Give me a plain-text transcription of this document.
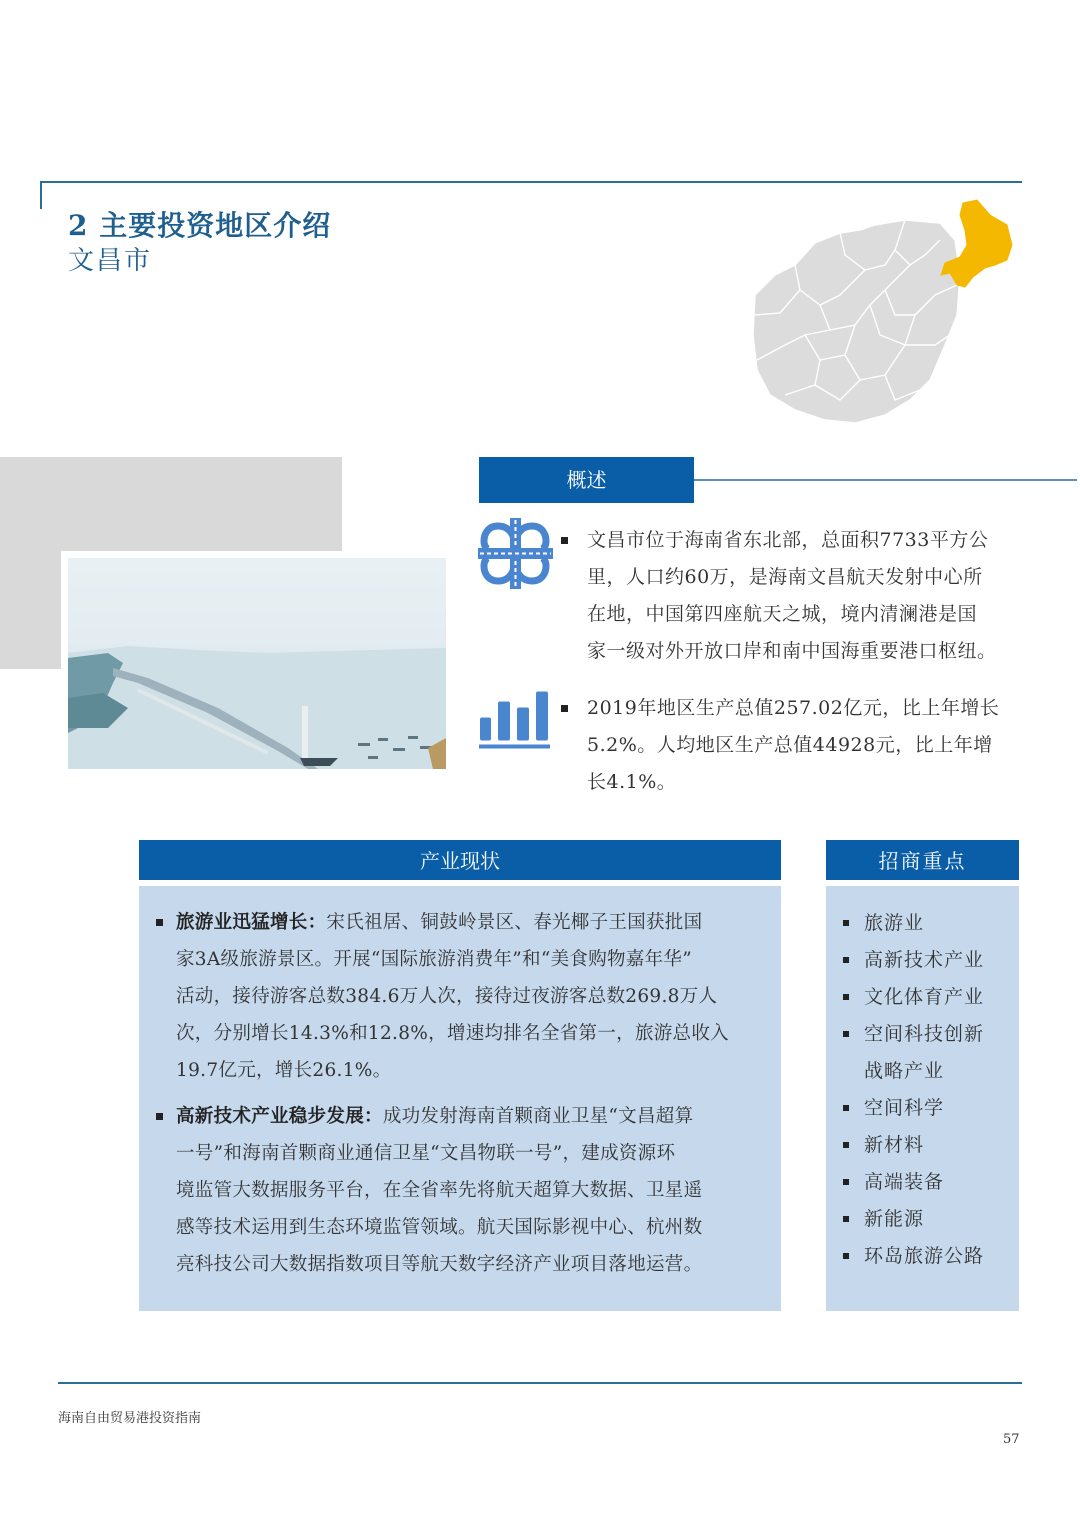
2 主要投资地区介绍
文昌市
概述
文昌市位于海南省东北部，总面积7733平方公
里，人口约60万，是海南文昌航天发射中心所
在地，中国第四座航天之城，境内清澜港是国
家一级对外开放口岸和南中国海重要港口枢纽。
2019年地区生产总值257.02亿元，比上年增长
5.2%。人均地区生产总值44928元，比上年增
长4.1%。
产业现状
旅游业迅猛增长：宋氏祖居、铜鼓岭景区、春光椰子王国获批国
家3A级旅游景区。开展“国际旅游消费年”和“美食购物嘉年华”
活动，接待游客总数384.6万人次，接待过夜游客总数269.8万人
次，分别增长14.3%和12.8%，增速均排名全省第一，旅游总收入
19.7亿元，增长26.1%。
高新技术产业稳步发展：成功发射海南首颗商业卫星“文昌超算
一号”和海南首颗商业通信卫星“文昌物联一号”，建成资源环
境监管大数据服务平台，在全省率先将航天超算大数据、卫星遥
感等技术运用到生态环境监管领域。航天国际影视中心、杭州数
亮科技公司大数据指数项目等航天数字经济产业项目落地运营。
招商重点
旅游业
高新技术产业
文化体育产业
空间科技创新战略产业
空间科学
新材料
高端装备
新能源
环岛旅游公路
海南自由贸易港投资指南
57
